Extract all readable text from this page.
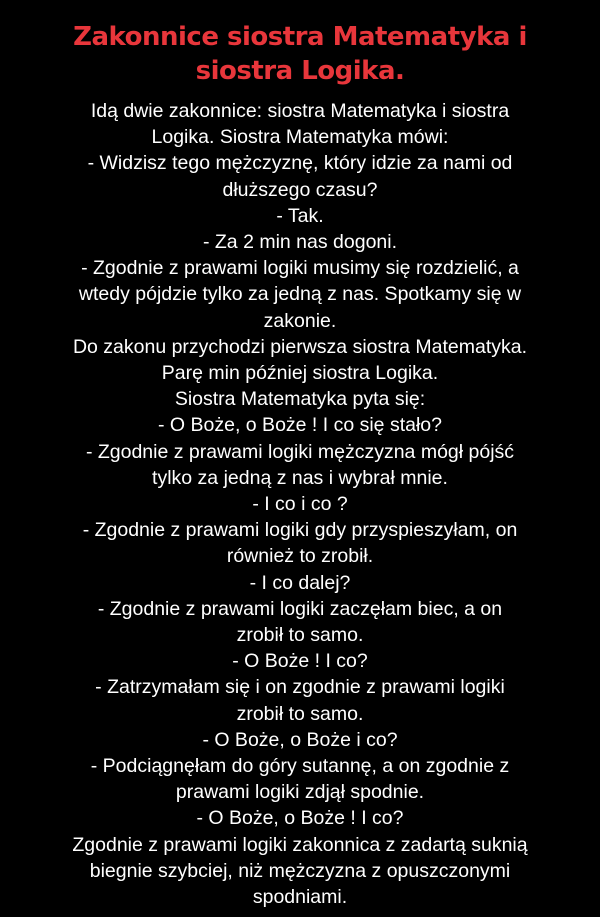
Zakonnice siostra Matematyka i
siostra Logika.
Idą dwie zakonnice: siostra Matematyka i siostra
Logika. Siostra Matematyka mówi:
- Widzisz tego mężczyznę, który idzie za nami od
dłuższego czasu?
- Tak.
- Za 2 min nas dogoni.
- Zgodnie z prawami logiki musimy się rozdzielić, a
wtedy pójdzie tylko za jedną z nas. Spotkamy się w
zakonie.
Do zakonu przychodzi pierwsza siostra Matematyka.
Parę min później siostra Logika.
Siostra Matematyka pyta się:
- O Boże, o Boże ! I co się stało?
- Zgodnie z prawami logiki mężczyzna mógł pójść
tylko za jedną z nas i wybrał mnie.
- I co i co ?
- Zgodnie z prawami logiki gdy przyspieszyłam, on
również to zrobił.
- I co dalej?
- Zgodnie z prawami logiki zaczęłam biec, a on
zrobił to samo.
- O Boże ! I co?
- Zatrzymałam się i on zgodnie z prawami logiki
zrobił to samo.
- O Boże, o Boże i co?
- Podciągnęłam do góry sutannę, a on zgodnie z
prawami logiki zdjął spodnie.
- O Boże, o Boże ! I co?
Zgodnie z prawami logiki zakonnica z zadartą suknią
biegnie szybciej, niż mężczyzna z opuszczonymi
spodniami.
